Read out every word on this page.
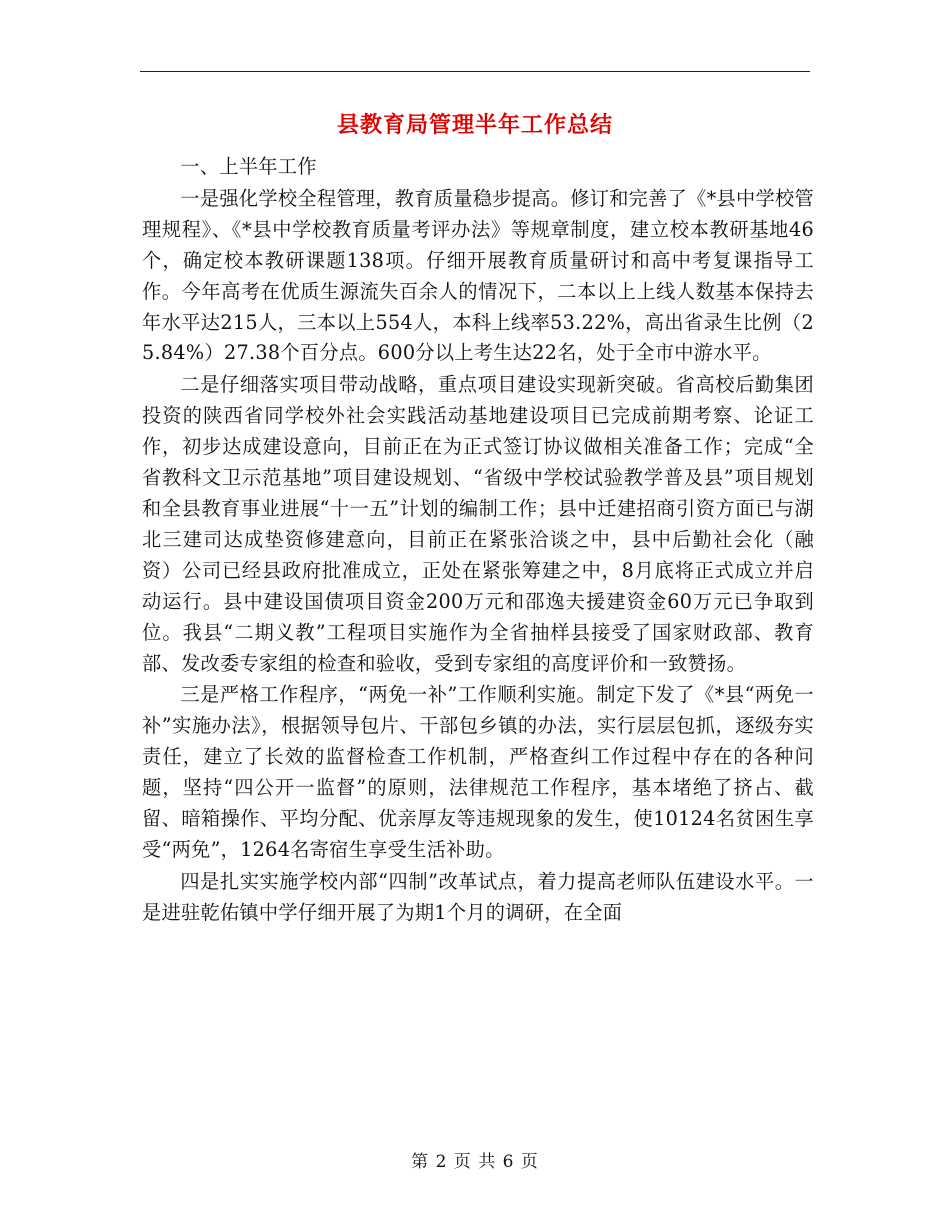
县教育局管理半年工作总结

一、上半年工作

一是强化学校全程管理，教育质量稳步提高。修订和完善了《*县中学校管理规程》、《*县中学校教育质量考评办法》等规章制度，建立校本教研基地46个，确定校本教研课题138项。仔细开展教育质量研讨和高中考复课指导工作。今年高考在优质生源流失百余人的情况下，二本以上上线人数基本保持去年水平达215人，三本以上554人，本科上线率53.22%，高出省录生比例（25.84%）27.38个百分点。600分以上考生达22名，处于全市中游水平。

二是仔细落实项目带动战略，重点项目建设实现新突破。省高校后勤集团投资的陕西省同学校外社会实践活动基地建设项目已完成前期考察、论证工作，初步达成建设意向，目前正在为正式签订协议做相关准备工作；完成“全省教科文卫示范基地”项目建设规划、“省级中学校试验教学普及县”项目规划和全县教育事业进展“十一五”计划的编制工作；县中迁建招商引资方面已与湖北三建司达成垫资修建意向，目前正在紧张洽谈之中，县中后勤社会化（融资）公司已经县政府批准成立，正处在紧张筹建之中，8月底将正式成立并启动运行。县中建设国债项目资金200万元和邵逸夫援建资金60万元已争取到位。我县“二期义教”工程项目实施作为全省抽样县接受了国家财政部、教育部、发改委专家组的检查和验收，受到专家组的高度评价和一致赞扬。

三是严格工作程序，“两免一补”工作顺利实施。制定下发了《*县“两免一补”实施办法》，根据领导包片、干部包乡镇的办法，实行层层包抓，逐级夯实责任，建立了长效的监督检查工作机制，严格查纠工作过程中存在的各种问题，坚持“四公开一监督”的原则，法律规范工作程序，基本堵绝了挤占、截留、暗箱操作、平均分配、优亲厚友等违规现象的发生，使10124名贫困生享受“两免”，1264名寄宿生享受生活补助。

四是扎实实施学校内部“四制”改革试点，着力提高老师队伍建设水平。一是进驻乾佑镇中学仔细开展了为期1个月的调研，在全面

第 2 页 共 6 页
